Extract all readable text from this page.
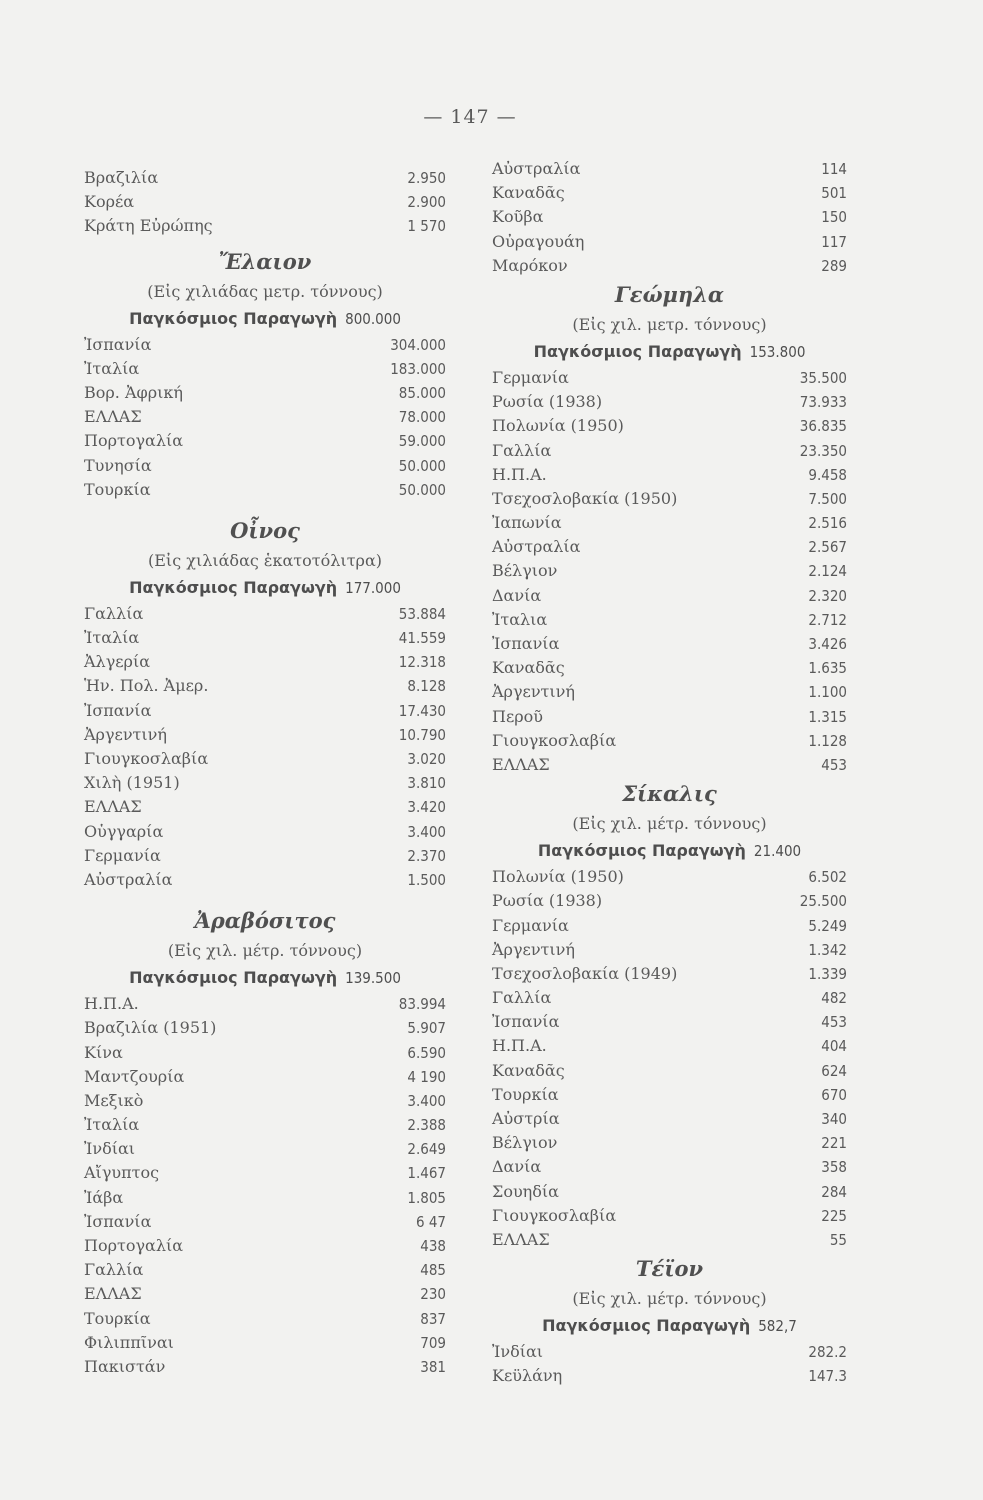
— 147 —
Βραζιλία	2.950
Κορέα	2.900
Κράτη Εὐρώπης	1 570
Ἔλαιον
(Εἰς χιλιάδας μετρ. τόννους)
Παγκόσμιος Παραγωγὴ 800.000
Ἰσπανία	304.000
Ἰταλία	183.000
Βορ. Ἀφρική	85.000
ΕΛΛΑΣ	78.000
Πορτογαλία	59.000
Τυνησία	50.000
Τουρκία	50.000
Οἶνος
(Εἰς χιλιάδας ἑκατοτόλιτρα)
Παγκόσμιος Παραγωγὴ 177.000
Γαλλία	53.884
Ἰταλία	41.559
Ἀλγερία	12.318
Ἡν. Πολ. Ἀμερ.	8.128
Ἰσπανία	17.430
Ἀργεντινή	10.790
Γιουγκοσλαβία	3.020
Χιλὴ (1951)	3.810
ΕΛΛΑΣ	3.420
Οὑγγαρία	3.400
Γερμανία	2.370
Αὐστραλία	1.500
Ἀραβόσιτος
(Εἰς χιλ. μέτρ. τόννους)
Παγκόσμιος Παραγωγὴ 139.500
Η.Π.Α.	83.994
Βραζιλία (1951)	5.907
Κίνα	6.590
Μαντζουρία	4 190
Μεξικὸ	3.400
Ἰταλία	2.388
Ἰνδίαι	2.649
Αἴγυπτος	1.467
Ἰάβα	1.805
Ἰσπανία	6 47
Πορτογαλία	438
Γαλλία	485
ΕΛΛΑΣ	230
Τουρκία	837
Φιλιππῖναι	709
Πακιστάν	381
Αὐστραλία	114
Καναδᾶς	501
Κοῦβα	150
Οὐραγουάη	117
Μαρόκον	289
Γεώμηλα
(Εἰς χιλ. μετρ. τόννους)
Παγκόσμιος Παραγωγὴ 153.800
Γερμανία	35.500
Ρωσία (1938)	73.933
Πολωνία (1950)	36.835
Γαλλία	23.350
Η.Π.Α.	9.458
Τσεχοσλοβακία (1950)	7.500
Ἰαπωνία	2.516
Αὐστραλία	2.567
Βέλγιον	2.124
Δανία	2.320
Ἰταλια	2.712
Ἰσπανία	3.426
Καναδᾶς	1.635
Ἀργεντινή	1.100
Περοῦ	1.315
Γιουγκοσλαβία	1.128
ΕΛΛΑΣ	453
Σίκαλις
(Εἰς χιλ. μέτρ. τόννους)
Παγκόσμιος Παραγωγὴ 21.400
Πολωνία (1950)	6.502
Ρωσία (1938)	25.500
Γερμανία	5.249
Ἀργεντινή	1.342
Τσεχοσλοβακία (1949)	1.339
Γαλλία	482
Ἰσπανία	453
Η.Π.Α.	404
Καναδᾶς	624
Τουρκία	670
Αὐστρία	340
Βέλγιον	221
Δανία	358
Σουηδία	284
Γιουγκοσλαβία	225
ΕΛΛΑΣ	55
Τέϊον
(Εἰς χιλ. μέτρ. τόννους)
Παγκόσμιος Παραγωγὴ 582,7
Ἰνδίαι	282.2
Κεϋλάνη	147.3
